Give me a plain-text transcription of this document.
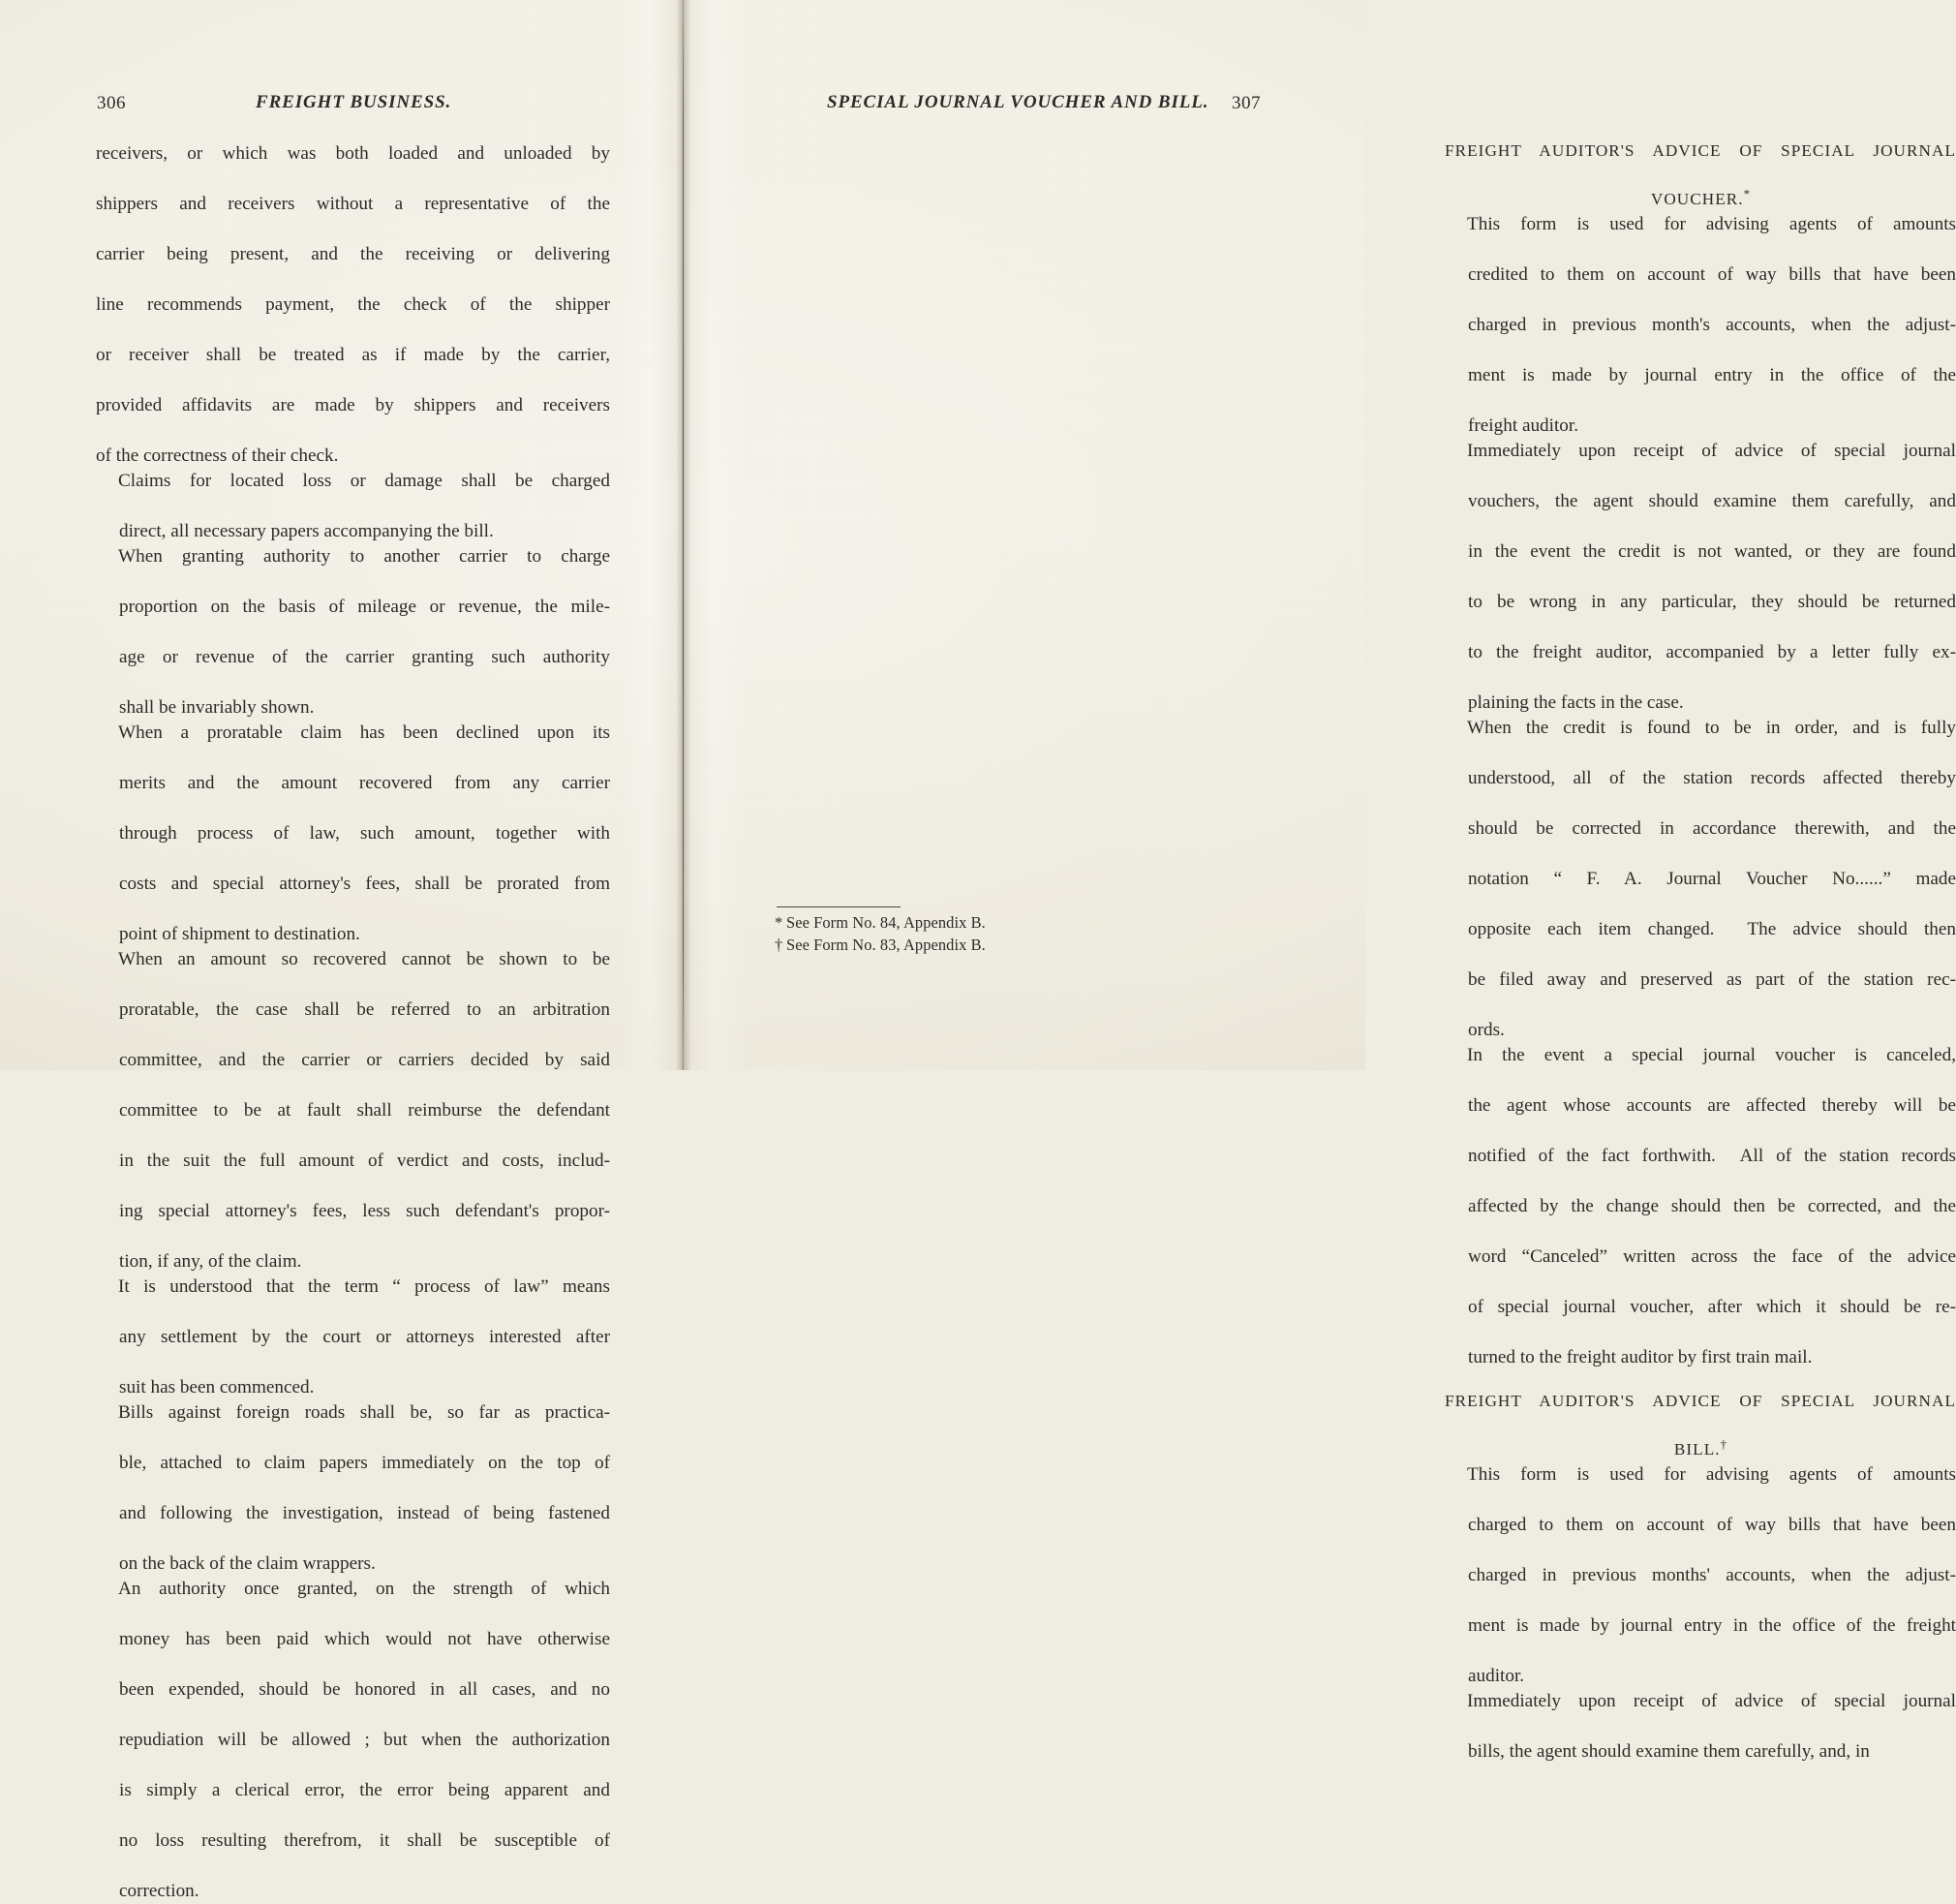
306	FREIGHT BUSINESS.

receivers, or which was both loaded and unloaded by
shippers and receivers without a representative of the
carrier being present, and the receiving or delivering
line recommends payment, the check of the shipper
or receiver shall be treated as if made by the carrier,
provided affidavits are made by shippers and receivers
of the correctness of their check.

Claims for located loss or damage shall be charged
direct, all necessary papers accompanying the bill.

When granting authority to another carrier to charge
proportion on the basis of mileage or revenue, the mile-
age or revenue of the carrier granting such authority
shall be invariably shown.

When a proratable claim has been declined upon its
merits and the amount recovered from any carrier
through process of law, such amount, together with
costs and special attorney's fees, shall be prorated from
point of shipment to destination.

When an amount so recovered cannot be shown to be
proratable, the case shall be referred to an arbitration
committee, and the carrier or carriers decided by said
committee to be at fault shall reimburse the defendant
in the suit the full amount of verdict and costs, includ-
ing special attorney's fees, less such defendant's propor-
tion, if any, of the claim.

It is understood that the term “ process of law” means
any settlement by the court or attorneys interested after
suit has been commenced.

Bills against foreign roads shall be, so far as practica-
ble, attached to claim papers immediately on the top of
and following the investigation, instead of being fastened
on the back of the claim wrappers.

An authority once granted, on the strength of which
money has been paid which would not have otherwise
been expended, should be honored in all cases, and no
repudiation will be allowed ; but when the authorization
is simply a clerical error, the error being apparent and
no loss resulting therefrom, it shall be susceptible of
correction.

SPECIAL JOURNAL VOUCHER AND BILL. 307
FREIGHT AUDITOR'S ADVICE OF SPECIAL JOURNAL
VOUCHER.*

This form is used for advising agents of amounts
credited to them on account of way bills that have been
charged in previous month's accounts, when the adjust-
ment is made by journal entry in the office of the
freight auditor.

Immediately upon receipt of advice of special journal
vouchers, the agent should examine them carefully, and
in the event the credit is not wanted, or they are found
to be wrong in any particular, they should be returned
to the freight auditor, accompanied by a letter fully ex-
plaining the facts in the case.

When the credit is found to be in order, and is fully
understood, all of the station records affected thereby
should be corrected in accordance therewith, and the
notation “ F. A. Journal Voucher No......” made
opposite each item changed.  The advice should then
be filed away and preserved as part of the station rec-
ords.

In the event a special journal voucher is canceled,
the agent whose accounts are affected thereby will be
notified of the fact forthwith.  All of the station records
affected by the change should then be corrected, and the
word “Canceled” written across the face of the advice
of special journal voucher, after which it should be re-
turned to the freight auditor by first train mail.

FREIGHT AUDITOR'S ADVICE OF SPECIAL JOURNAL
BILL.†

This form is used for advising agents of amounts
charged to them on account of way bills that have been
charged in previous months' accounts, when the adjust-
ment is made by journal entry in the office of the freight
auditor.

Immediately upon receipt of advice of special journal
bills, the agent should examine them carefully, and, in

* See Form No. 84, Appendix B.

† See Form No. 83, Appendix B.
